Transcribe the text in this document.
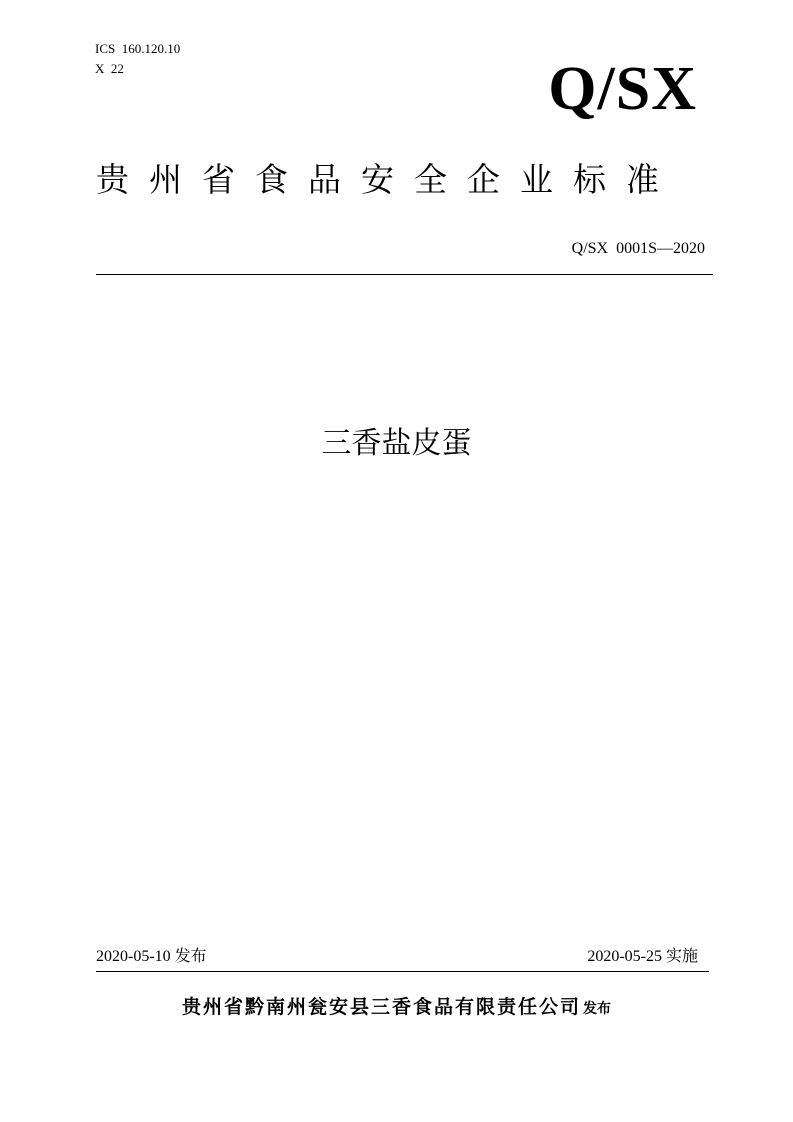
ICS  160.120.10
X  22	Q/SX
贵州省食品安全企业标准
Q/SX  0001S—2020
三香盐皮蛋
2020-05-10 发布	2020-05-25 实施
贵州省黔南州瓮安县三香食品有限责任公司 发布
